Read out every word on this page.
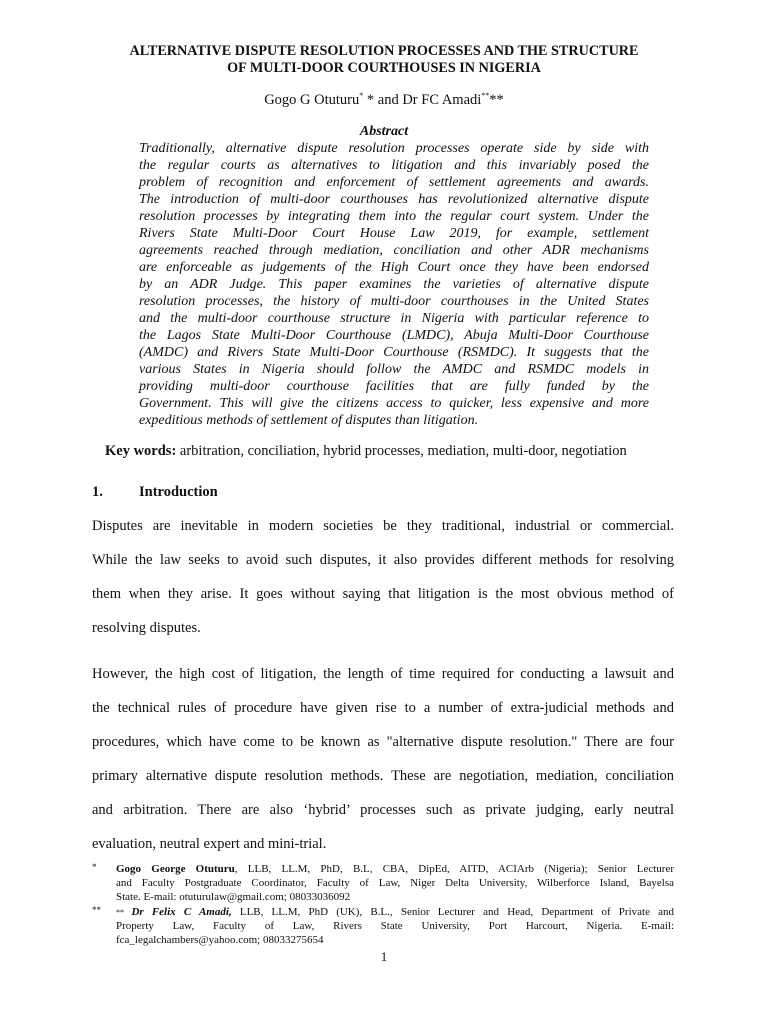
ALTERNATIVE DISPUTE RESOLUTION PROCESSES AND THE STRUCTURE
OF MULTI-DOOR COURTHOUSES IN NIGERIA
Gogo G Otuturu* * and Dr FC Amadi****
Abstract
Traditionally, alternative dispute resolution processes operate side by side with
the regular courts as alternatives to litigation and this invariably posed the
problem of recognition and enforcement of settlement agreements and awards.
The introduction of multi-door courthouses has revolutionized alternative dispute
resolution processes by integrating them into the regular court system. Under the
Rivers State Multi-Door Court House Law 2019, for example, settlement
agreements reached through mediation, conciliation and other ADR mechanisms
are enforceable as judgements of the High Court once they have been endorsed
by an ADR Judge. This paper examines the varieties of alternative dispute
resolution processes, the history of multi-door courthouses in the United States
and the multi-door courthouse structure in Nigeria with particular reference to
the Lagos State Multi-Door Courthouse (LMDC), Abuja Multi-Door Courthouse
(AMDC) and Rivers State Multi-Door Courthouse (RSMDC). It suggests that the
various States in Nigeria should follow the AMDC and RSMDC models in
providing multi-door courthouse facilities that are fully funded by the
Government. This will give the citizens access to quicker, less expensive and more
expeditious methods of settlement of disputes than litigation.
Key words: arbitration, conciliation, hybrid processes, mediation, multi-door, negotiation
1. Introduction
Disputes are inevitable in modern societies be they traditional, industrial or commercial.
While the law seeks to avoid such disputes, it also provides different methods for resolving
them when they arise. It goes without saying that litigation is the most obvious method of
resolving disputes.
However, the high cost of litigation, the length of time required for conducting a lawsuit and
the technical rules of procedure have given rise to a number of extra-judicial methods and
procedures, which have come to be known as "alternative dispute resolution." There are four
primary alternative dispute resolution methods. These are negotiation, mediation, conciliation
and arbitration. There are also ‘hybrid’ processes such as private judging, early neutral
evaluation, neutral expert and mini-trial.
* Gogo George Otuturu, LLB, LL.M, PhD, B.L, CBA, DipEd, AITD, ACIArb (Nigeria); Senior Lecturer
and Faculty Postgraduate Coordinator, Faculty of Law, Niger Delta University, Wilberforce Island, Bayelsa
State. E-mail: otuturulaw@gmail.com; 08033036092
** ** Dr Felix C Amadi, LLB, LL.M, PhD (UK), B.L., Senior Lecturer and Head, Department of Private and
Property Law, Faculty of Law, Rivers State University, Port Harcourt, Nigeria. E-mail:
fca_legalchambers@yahoo.com; 08033275654
1
